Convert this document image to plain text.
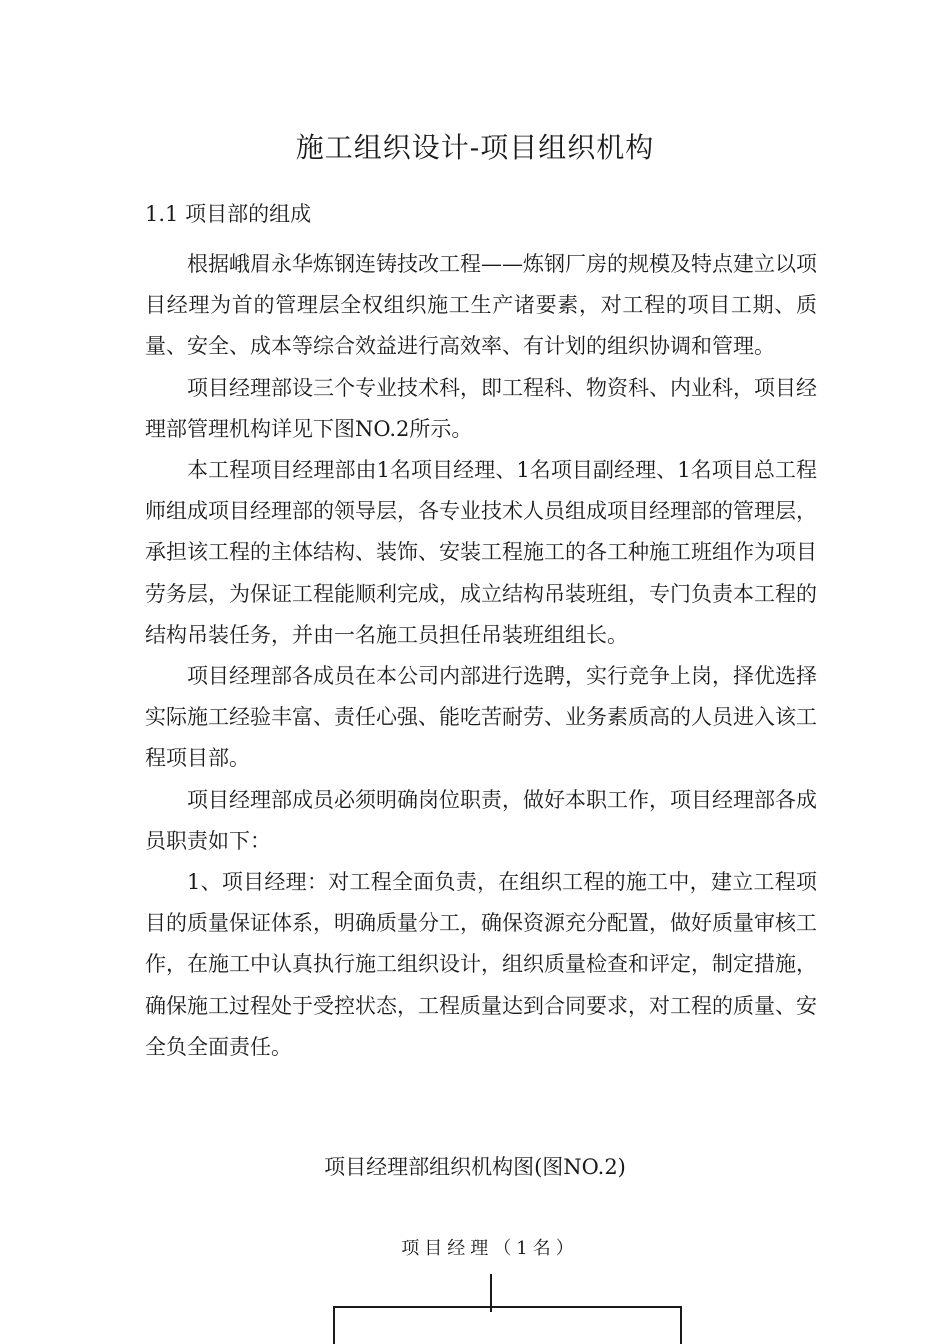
施工组织设计-项目组织机构
1.1 项目部的组成

根据峨眉永华炼钢连铸技改工程——炼钢厂房的规模及特点建立以项目经理为首的管理层全权组织施工生产诸要素，对工程的项目工期、质量、安全、成本等综合效益进行高效率、有计划的组织协调和管理。

项目经理部设三个专业技术科，即工程科、物资科、内业科，项目经理部管理机构详见下图NO.2所示。

本工程项目经理部由1名项目经理、1名项目副经理、1名项目总工程师组成项目经理部的领导层，各专业技术人员组成项目经理部的管理层，承担该工程的主体结构、装饰、安装工程施工的各工种施工班组作为项目劳务层，为保证工程能顺利完成，成立结构吊装班组，专门负责本工程的结构吊装任务，并由一名施工员担任吊装班组组长。

项目经理部各成员在本公司内部进行选聘，实行竞争上岗，择优选择实际施工经验丰富、责任心强、能吃苦耐劳、业务素质高的人员进入该工程项目部。

项目经理部成员必须明确岗位职责，做好本职工作，项目经理部各成员职责如下：

1、项目经理：对工程全面负责，在组织工程的施工中，建立工程项目的质量保证体系，明确质量分工，确保资源充分配置，做好质量审核工作，在施工中认真执行施工组织设计，组织质量检查和评定，制定措施，确保施工过程处于受控状态，工程质量达到合同要求，对工程的质量、安全负全面责任。

项目经理部组织机构图(图NO.2)
项目经理（1名）
